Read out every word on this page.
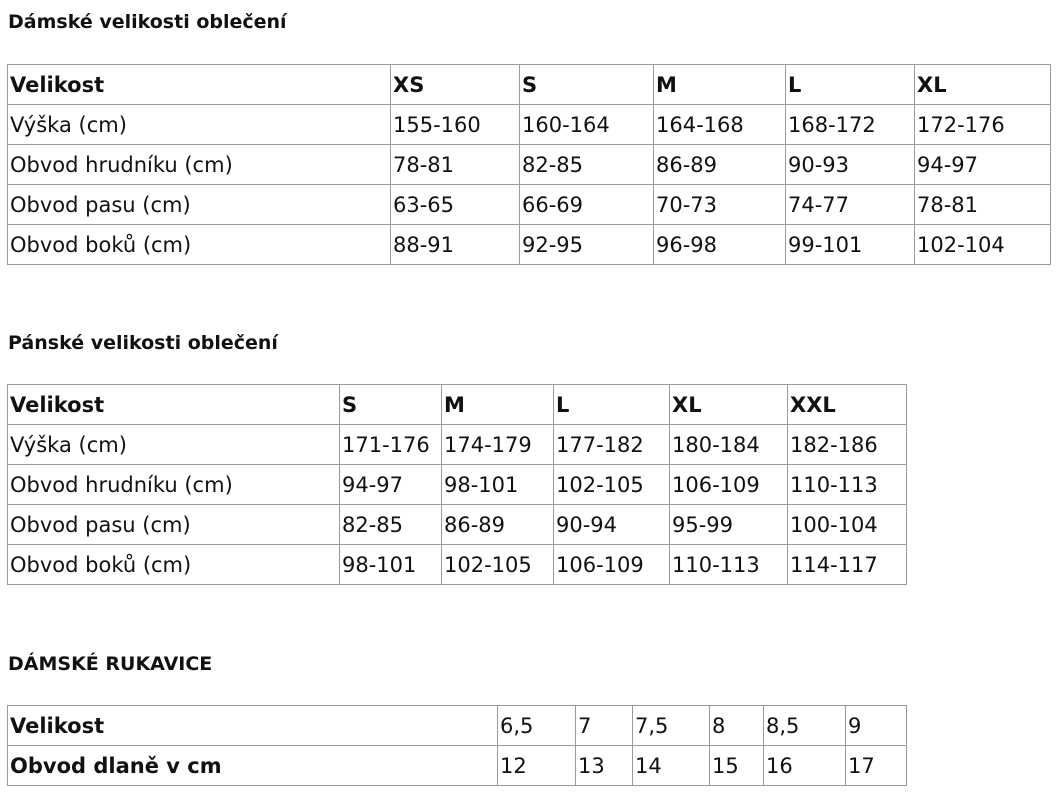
Dámské velikosti oblečení
Velikost	XS	S	M	L	XL
Výška (cm)	155-160	160-164	164-168	168-172	172-176
Obvod hrudníku (cm)	78-81	82-85	86-89	90-93	94-97
Obvod pasu (cm)	63-65	66-69	70-73	74-77	78-81
Obvod boků (cm)	88-91	92-95	96-98	99-101	102-104
Pánské velikosti oblečení
Velikost	S	M	L	XL	XXL
Výška (cm)	171-176	174-179	177-182	180-184	182-186
Obvod hrudníku (cm)	94-97	98-101	102-105	106-109	110-113
Obvod pasu (cm)	82-85	86-89	90-94	95-99	100-104
Obvod boků (cm)	98-101	102-105	106-109	110-113	114-117
DÁMSKÉ RUKAVICE
Velikost	6,5	7	7,5	8	8,5	9
Obvod dlaně v cm	12	13	14	15	16	17
